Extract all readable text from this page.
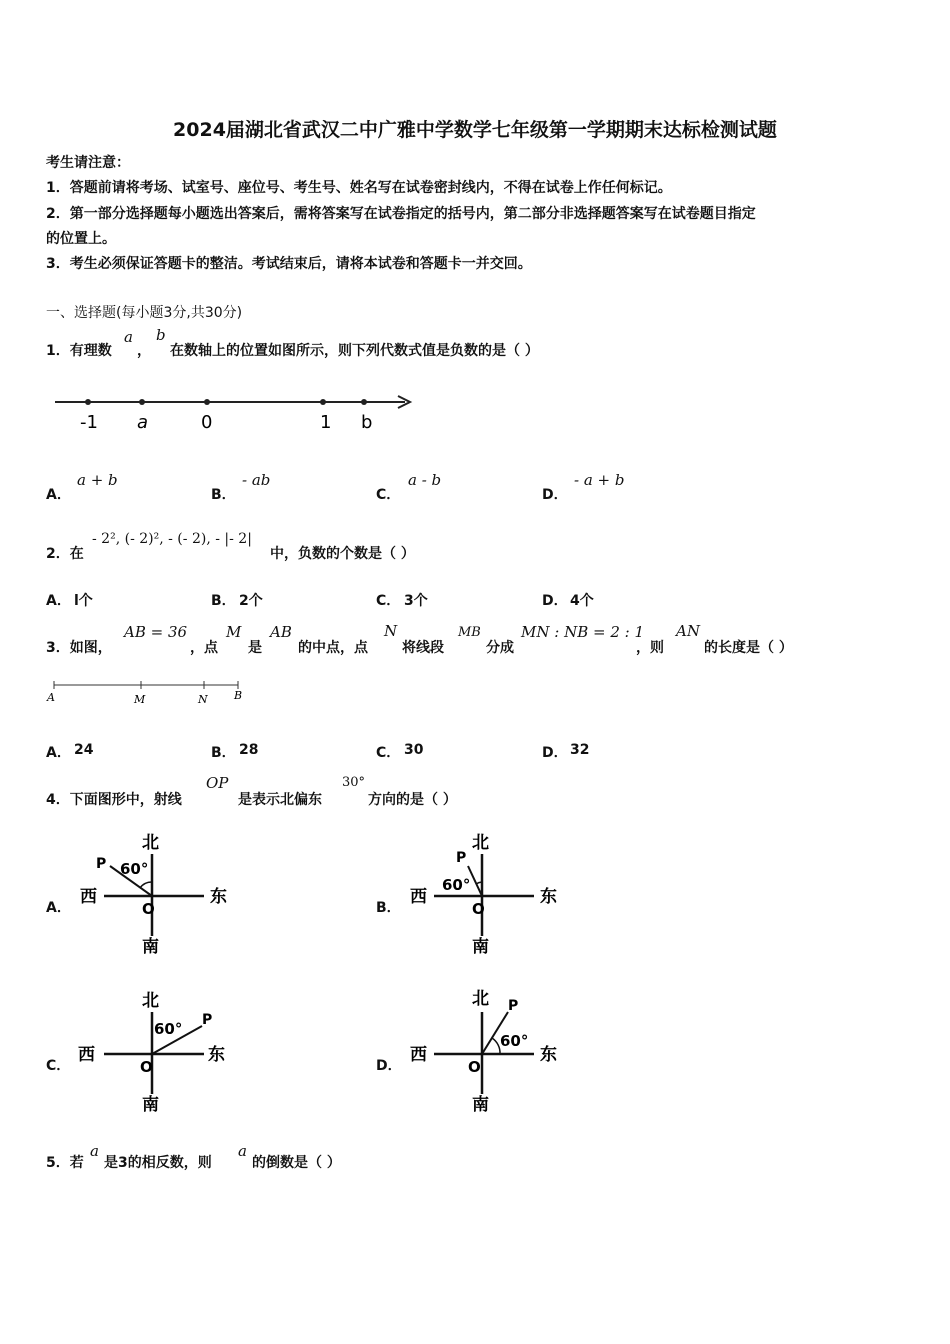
2024届湖北省武汉二中广雅中学数学七年级第一学期期末达标检测试题
考生请注意：
1．答题前请将考场、试室号、座位号、考生号、姓名写在试卷密封线内，不得在试卷上作任何标记。
2．第一部分选择题每小题选出答案后，需将答案写在试卷指定的括号内，第二部分非选择题答案写在试卷题目指定
的位置上。
3．考生必须保证答题卡的整洁。考试结束后，请将本试卷和答题卡一并交回。
一、选择题(每小题3分,共30分)
1．有理数
a
，
b
在数轴上的位置如图所示，则下列代数式值是负数的是（ ）
-1 a	0	1 b
A．
a + b
B．
- ab
C．
a - b
D．
- a + b
2．在
- 2², (- 2)², - (- 2), - |- 2|
中，负数的个数是（ ）
A． l个	B． 2个	C． 3个	D． 4个
3．如图，
AB = 36
，点
M
是
AB
的中点，点
N
将线段
MB
分成
MN : NB = 2 : 1
，则
AN
的长度是（ ）
A	M	N B
A． 24	B． 28	C． 30	D． 32
4．下面图形中，射线
OP
是表示北偏东
30°
方向的是（ ）
A．	B．
C．	D．
北
南
东
西
O
P 60°
北
南
东
西
O
P
60°
北
南
东
西
O
P
60°
北
南
东
西
O
P
60°
5．若
a
是3的相反数，则
a
的倒数是（ ）
